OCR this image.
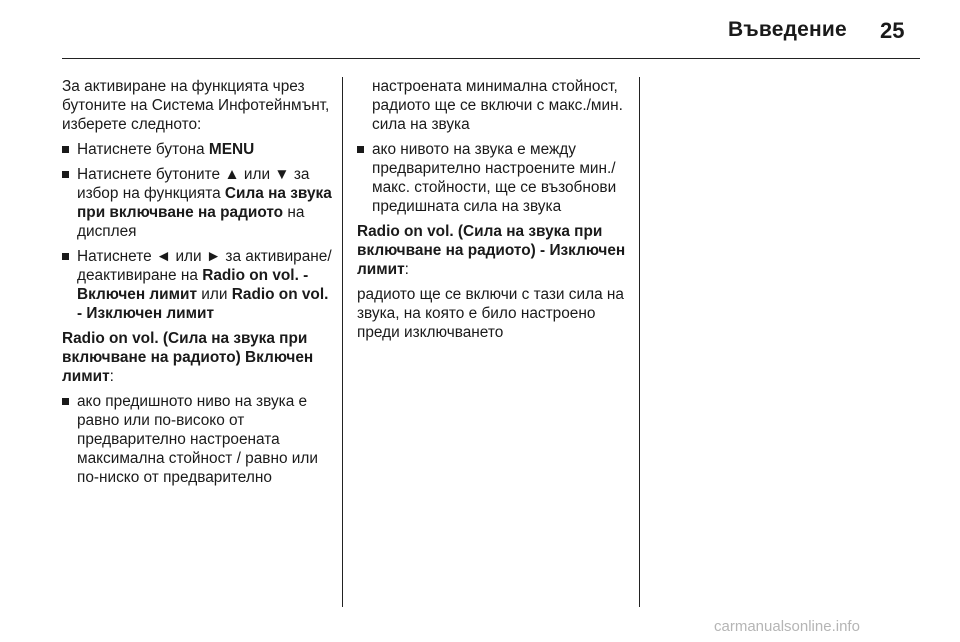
Въведение 25

За активиране на функцията чрез бутоните на Система Инфотейнмънт, изберете следното:

Натиснете бутона MENU
Натиснете бутоните ▲ или ▼ за избор на функцията Сила на звука при включване на радиото на дисплея
Натиснете ◄ или ► за активиране/деактивиране на Radio on vol. - Включен лимит или Radio on vol. - Изключен лимит

Radio on vol. (Сила на звука при включване на радиото) Включен лимит:

ако предишното ниво на звука е равно или по-високо от предварително настроената максимална стойност / равно или по-ниско от предварително
настроената минимална стойност, радиото ще се включи с макс./мин. сила на звука
ако нивото на звука е между предварително настроените мин./макс. стойности, ще се възобнови предишната сила на звука

Radio on vol. (Сила на звука при включване на радиото) - Изключен лимит:

радиото ще се включи с тази сила на звука, на която е било настроено преди изключването

carmanualsonline.info
